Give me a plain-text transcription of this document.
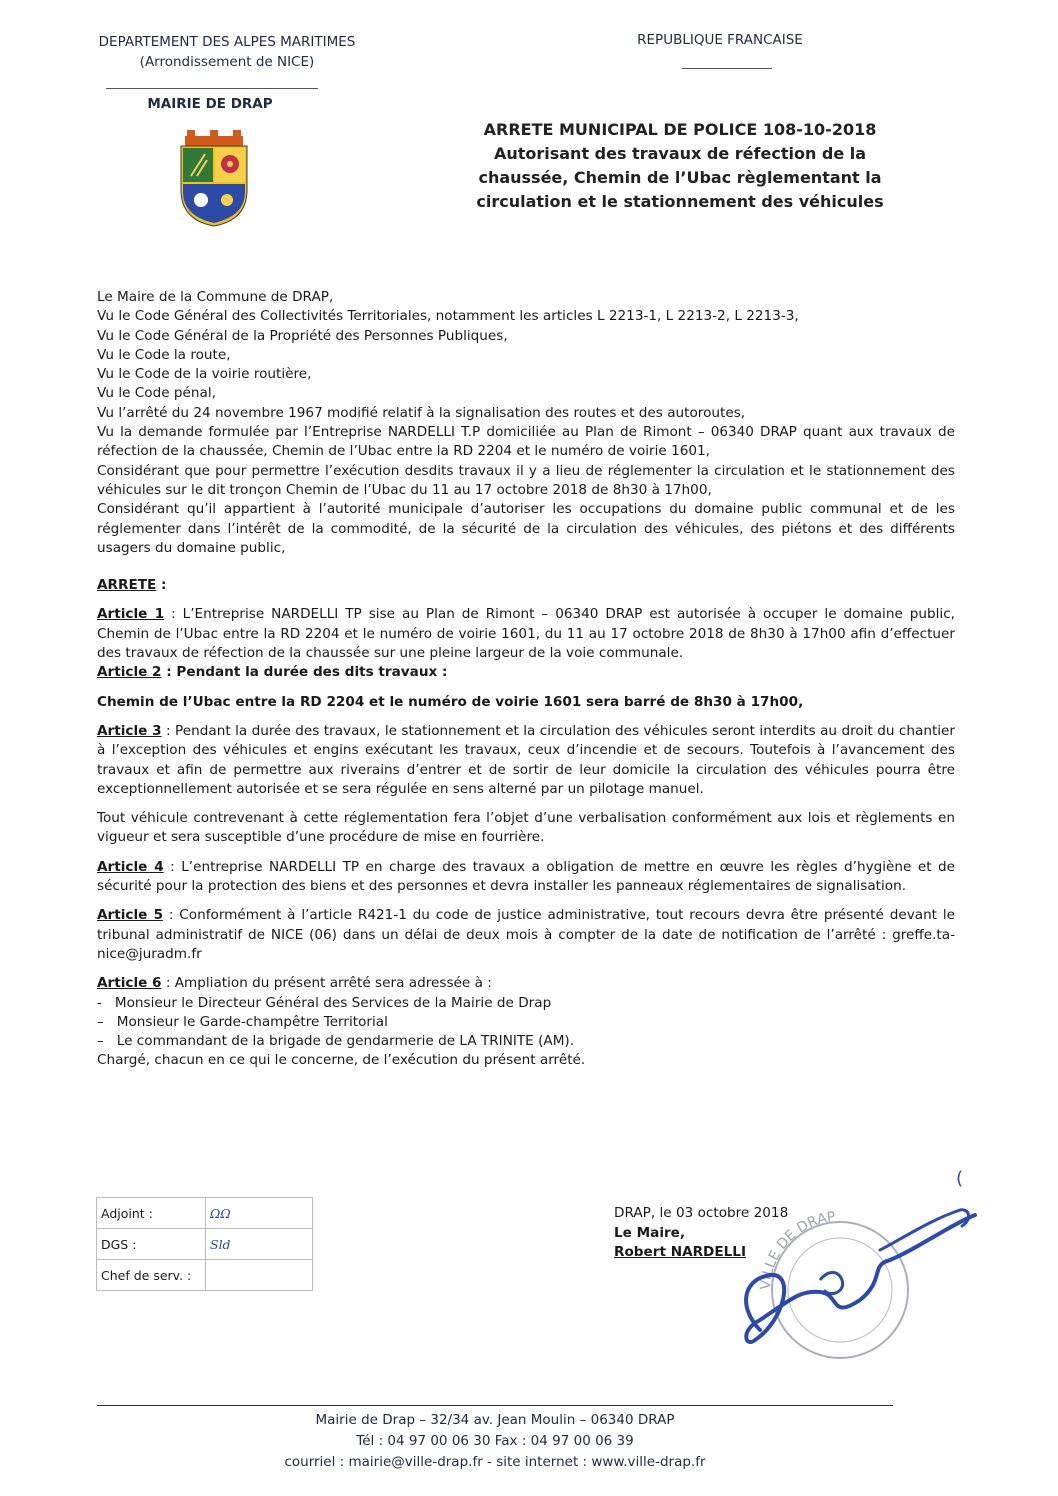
DEPARTEMENT DES ALPES MARITIMES
(Arrondissement de NICE)
REPUBLIQUE FRANCAISE
MAIRIE DE DRAP
ARRETE MUNICIPAL DE POLICE 108-10-2018
Autorisant des travaux de réfection de la
chaussée, Chemin de l’Ubac règlementant la
circulation et le stationnement des véhicules

Le Maire de la Commune de DRAP,

Vu le Code Général des Collectivités Territoriales, notamment les articles L 2213-1, L 2213-2, L 2213-3,

Vu le Code Général de la Propriété des Personnes Publiques,

Vu le Code la route,

Vu le Code de la voirie routière,

Vu le Code pénal,

Vu l’arrêté du 24 novembre 1967 modifié relatif à la signalisation des routes et des autoroutes,

Vu la demande formulée par l’Entreprise NARDELLI T.P domiciliée au Plan de Rimont – 06340 DRAP quant aux travaux de réfection de la chaussée, Chemin de l’Ubac entre la RD 2204 et le numéro de voirie 1601,

Considérant que pour permettre l’exécution desdits travaux il y a lieu de réglementer la circulation et le stationnement des véhicules sur le dit tronçon Chemin de l’Ubac du 11 au 17 octobre 2018 de 8h30 à 17h00,

Considérant qu’il appartient à l’autorité municipale d’autoriser les occupations du domaine public communal et de les réglementer dans l’intérêt de la commodité, de la sécurité de la circulation des véhicules, des piétons et des différents usagers du domaine public,

ARRETE :

Article 1 : L’Entreprise NARDELLI TP sise au Plan de Rimont – 06340 DRAP est autorisée à occuper le domaine public, Chemin de l’Ubac entre la RD 2204 et le numéro de voirie 1601, du 11 au 17 octobre 2018 de 8h30 à 17h00 afin d’effectuer des travaux de réfection de la chaussée sur une pleine largeur de la voie communale.

Article 2 : Pendant la durée des dits travaux :

Chemin de l’Ubac entre la RD 2204 et le numéro de voirie 1601 sera barré de 8h30 à 17h00,

Article 3 : Pendant la durée des travaux, le stationnement et la circulation des véhicules seront interdits au droit du chantier à l’exception des véhicules et engins exécutant les travaux, ceux d’incendie et de secours. Toutefois à l’avancement des travaux et afin de permettre aux riverains d’entrer et de sortir de leur domicile la circulation des véhicules pourra être exceptionnellement autorisée et se sera régulée en sens alterné par un pilotage manuel.

Tout véhicule contrevenant à cette réglementation fera l’objet d’une verbalisation conformément aux lois et règlements en vigueur et sera susceptible d’une procédure de mise en fourrière.

Article 4 : L’entreprise NARDELLI TP en charge des travaux a obligation de mettre en œuvre les règles d’hygiène et de sécurité pour la protection des biens et des personnes et devra installer les panneaux réglementaires de signalisation.

Article 5 : Conformément à l’article R421-1 du code de justice administrative, tout recours devra être présenté devant le tribunal administratif de NICE (06) dans un délai de deux mois à compter de la date de notification de l’arrêté : greffe.ta-nice@juradm.fr

Article 6 : Ampliation du présent arrêté sera adressée à :

-   Monsieur le Directeur Général des Services de la Mairie de Drap

–   Monsieur le Garde-champêtre Territorial

–   Le commandant de la brigade de gendarmerie de LA TRINITE (AM).

Chargé, chacun en ce qui le concerne, de l’exécution du présent arrêté.

(
Adjoint :	ΩΩ
DGS :	Sld
Chef de serv. :	
DRAP, le 03 octobre 2018
Le Maire,
Robert NARDELLI
VILLE DE DRAP
Mairie de Drap – 32/34 av. Jean Moulin – 06340 DRAP
Tél : 04 97 00 06 30 Fax : 04 97 00 06 39
courriel : mairie@ville-drap.fr - site internet : www.ville-drap.fr
